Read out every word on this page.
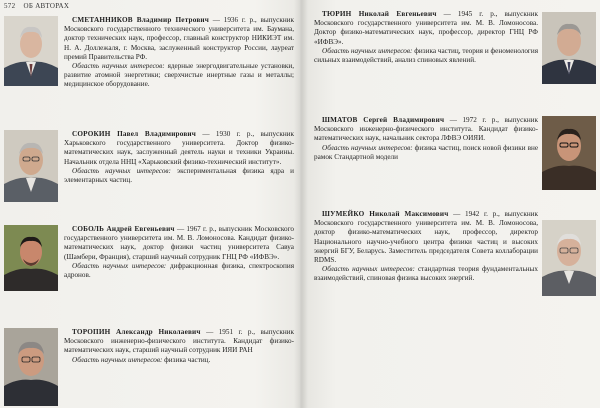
572 ОБ АВТОРАХ

СМЕТАННИКОВ Владимир Петрович — 1936 г. р., выпускник Московского государственного технического университета им. Баумана, доктор технических наук, профессор, главный конструктор НИКИЭТ им. Н. А. Доллежаля, г. Москва, заслуженный конструктор России, лауреат премий Правительства РФ.

Область научных интересов: ядерные энергодвигательные установки, развитие атомной энергетики; сверхчистые инертные газы и металлы; медицинское оборудование.

СОРОКИН Павел Владимирович — 1930 г. р., выпускник Харьковского государственного университета. Доктор физико-математических наук, заслуженный деятель науки и техники Украины. Начальник отдела ННЦ «Харьковский физико-технический институт».

Область научных интересов: экспериментальная физика ядра и элементарных частиц.

СОБОЛЬ Андрей Евгеньевич — 1967 г. р., выпускник Московского государственного университета им. М. В. Ломоносова. Кандидат физико-математических наук, доктор физики частиц университета Савуа (Шамбери, Франция), старший научный сотрудник ГНЦ РФ «ИФВЭ».

Область научных интересов: дифракционная физика, спектроскопия адронов.

ТОРОПИН Александр Николаевич — 1951 г. р., выпускник Московского инженерно-физического института. Кандидат физико-математических наук, старший научный сотрудник ИЯИ РАН

Область научных интересов: физика частиц.

ТЮРИН Николай Евгеньевич — 1945 г. р., выпускник Московского государственного университета им. М. В. Ломоносова. Доктор физико-математических наук, профессор, директор ГНЦ РФ «ИФВЭ».

Область научных интересов: физика частиц, теория и феноменология сильных взаимодействий, анализ спиновых явлений.

ШМАТОВ Сергей Владимирович — 1972 г. р., выпускник Московского инженерно-физического института. Кандидат физико-математических наук, начальник сектора ЛФВЭ ОИЯИ.

Область научных интересов: физика частиц, поиск новой физики вне рамок Стандартной модели

ШУМЕЙКО Николай Максимович — 1942 г. р., выпускник Московского государственного университета им. М. В. Ломоносова, доктор физико-математических наук, профессор, директор Национального научно-учебного центра физики частиц и высоких энергий БГУ, Беларусь. Заместитель председателя Совета коллаборации RDMS.

Область научных интересов: стандартная теория фундаментальных взаимодействий, спиновая физика высоких энергий.
